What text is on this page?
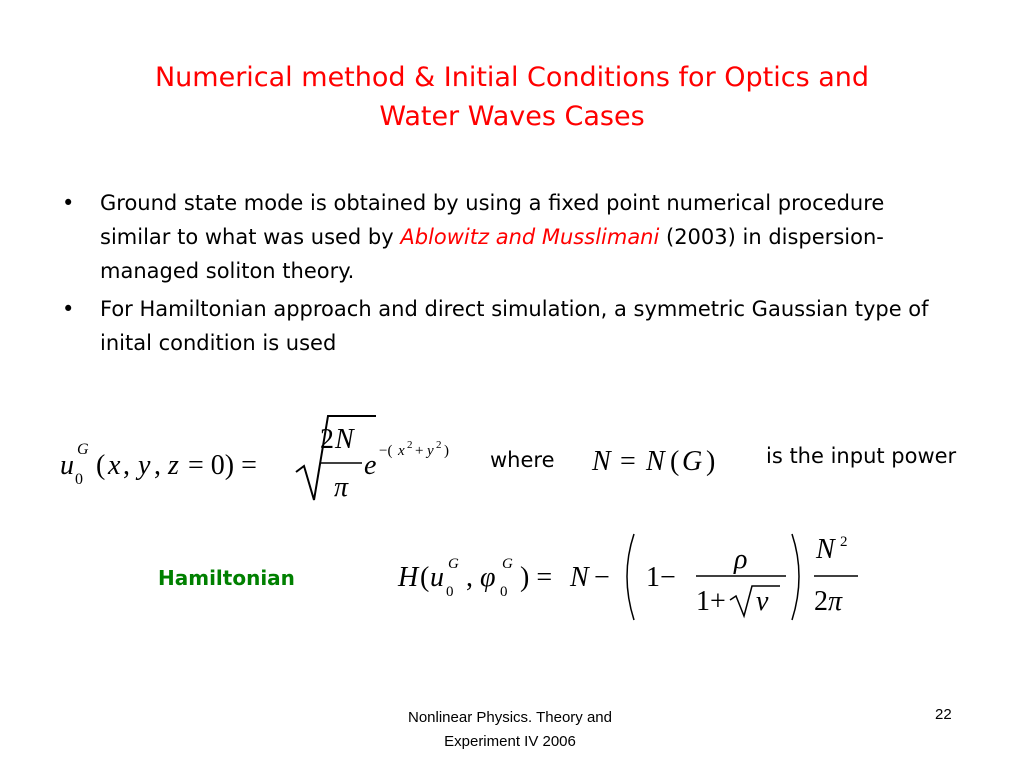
Numerical method & Initial Conditions for Optics and
Water Waves Cases
• Ground state mode is obtained by using a fixed point numerical procedure similar to what was used by Ablowitz and Musslimani (2003) in dispersion-managed soliton theory.
• For Hamiltonian approach and direct simulation, a symmetric Gaussian type of inital condition is used
u 0
G
( x , y , z = 0) =
2 N
π
e −( x 2 + y 2 ) where N = N ( G ) is the input power
Hamiltonian	H ( u 0
G , φ 0
G ) = N − 1−
ρ
1+ ν
N 2
2 π
Nonlinear Physics. Theory and
Experiment IV 2006
22
